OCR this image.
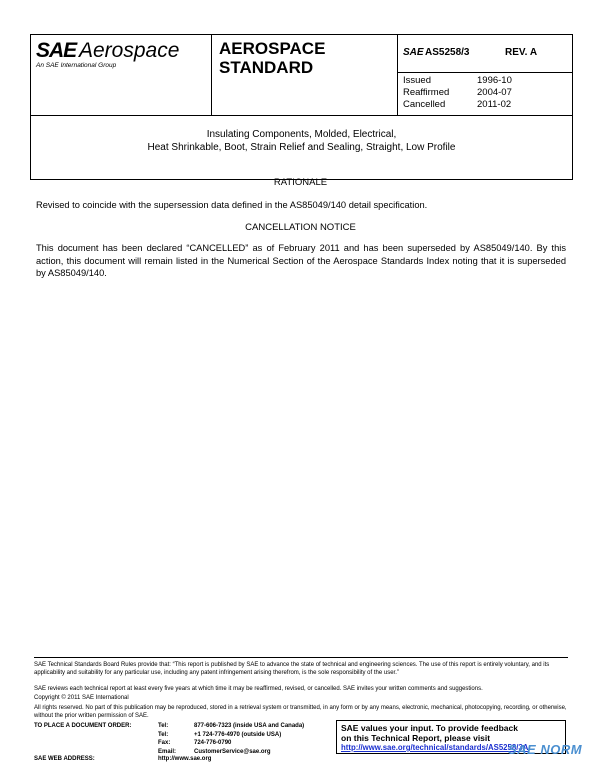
SAE Aerospace
An SAE International Group
AEROSPACE
STANDARD
SAE AS5258/3	REV. A
Issued	1996-10
Reaffirmed	2004-07
Cancelled	2011-02
Insulating Components, Molded, Electrical,
Heat Shrinkable, Boot, Strain Relief and Sealing, Straight, Low Profile
RATIONALE
Revised to coincide with the supersession data defined in the AS85049/140 detail specification.
CANCELLATION NOTICE
This document has been declared “CANCELLED” as of February 2011 and has been superseded by AS85049/140. By this action, this document will remain listed in the Numerical Section of the Aerospace Standards Index noting that it is superseded by AS85049/140.
SAE Technical Standards Board Rules provide that: “This report is published by SAE to advance the state of technical and engineering sciences. The use of this report is entirely voluntary, and its applicability and suitability for any particular use, including any patent infringement arising therefrom, is the sole responsibility of the user.”
SAE reviews each technical report at least every five years at which time it may be reaffirmed, revised, or cancelled. SAE invites your written comments and suggestions.
Copyright © 2011 SAE International
All rights reserved. No part of this publication may be reproduced, stored in a retrieval system or transmitted, in any form or by any means, electronic, mechanical, photocopying, recording, or otherwise, without the prior written permission of SAE.
TO PLACE A DOCUMENT ORDER:	Tel:	877-606-7323 (inside USA and Canada)
Tel:	+1 724-776-4970 (outside USA)
Fax:	724-776-0790
Email:	CustomerService@sae.org
SAE WEB ADDRESS:	http://www.sae.org
SAE values your input. To provide feedback
on this Technical Report, please visit
http://www.sae.org/technical/standards/AS5258/3A
SAE NORM
